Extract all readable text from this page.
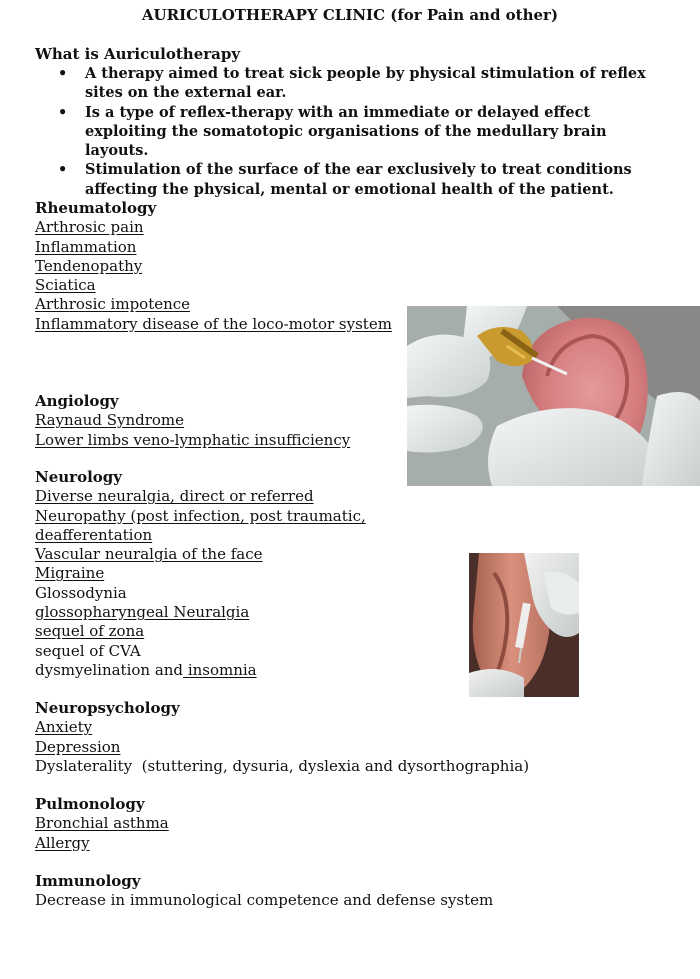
AURICULOTHERAPY CLINIC (for Pain and other)
What is Auriculotherapy
• A therapy aimed to treat sick people by physical stimulation of reflex sites on the external ear.
• Is a type of reflex-therapy with an immediate or delayed effect exploiting the somatotopic organisations of the medullary brain layouts.
• Stimulation of the surface of the ear exclusively to treat conditions affecting the physical, mental or emotional health of the patient.
Rheumatology
Arthrosic pain
Inflammation
Tendenopathy
Sciatica
Arthrosic impotence
Inflammatory disease of the loco-motor system
Angiology
Raynaud Syndrome
Lower limbs veno-lymphatic insufficiency
Neurology
Diverse neuralgia, direct or referred
Neuropathy (post infection, post traumatic,
deafferentation
Vascular neuralgia of the face
Migraine
Glossodynia
glossopharyngeal Neuralgia
sequel of zona
sequel of CVA
dysmyelination and insomnia
Neuropsychology
Anxiety
Depression
Dyslaterality  (stuttering, dysuria, dyslexia and dysorthographia)
Pulmonology
Bronchial asthma
Allergy
Immunology
Decrease in immunological competence and defense system
